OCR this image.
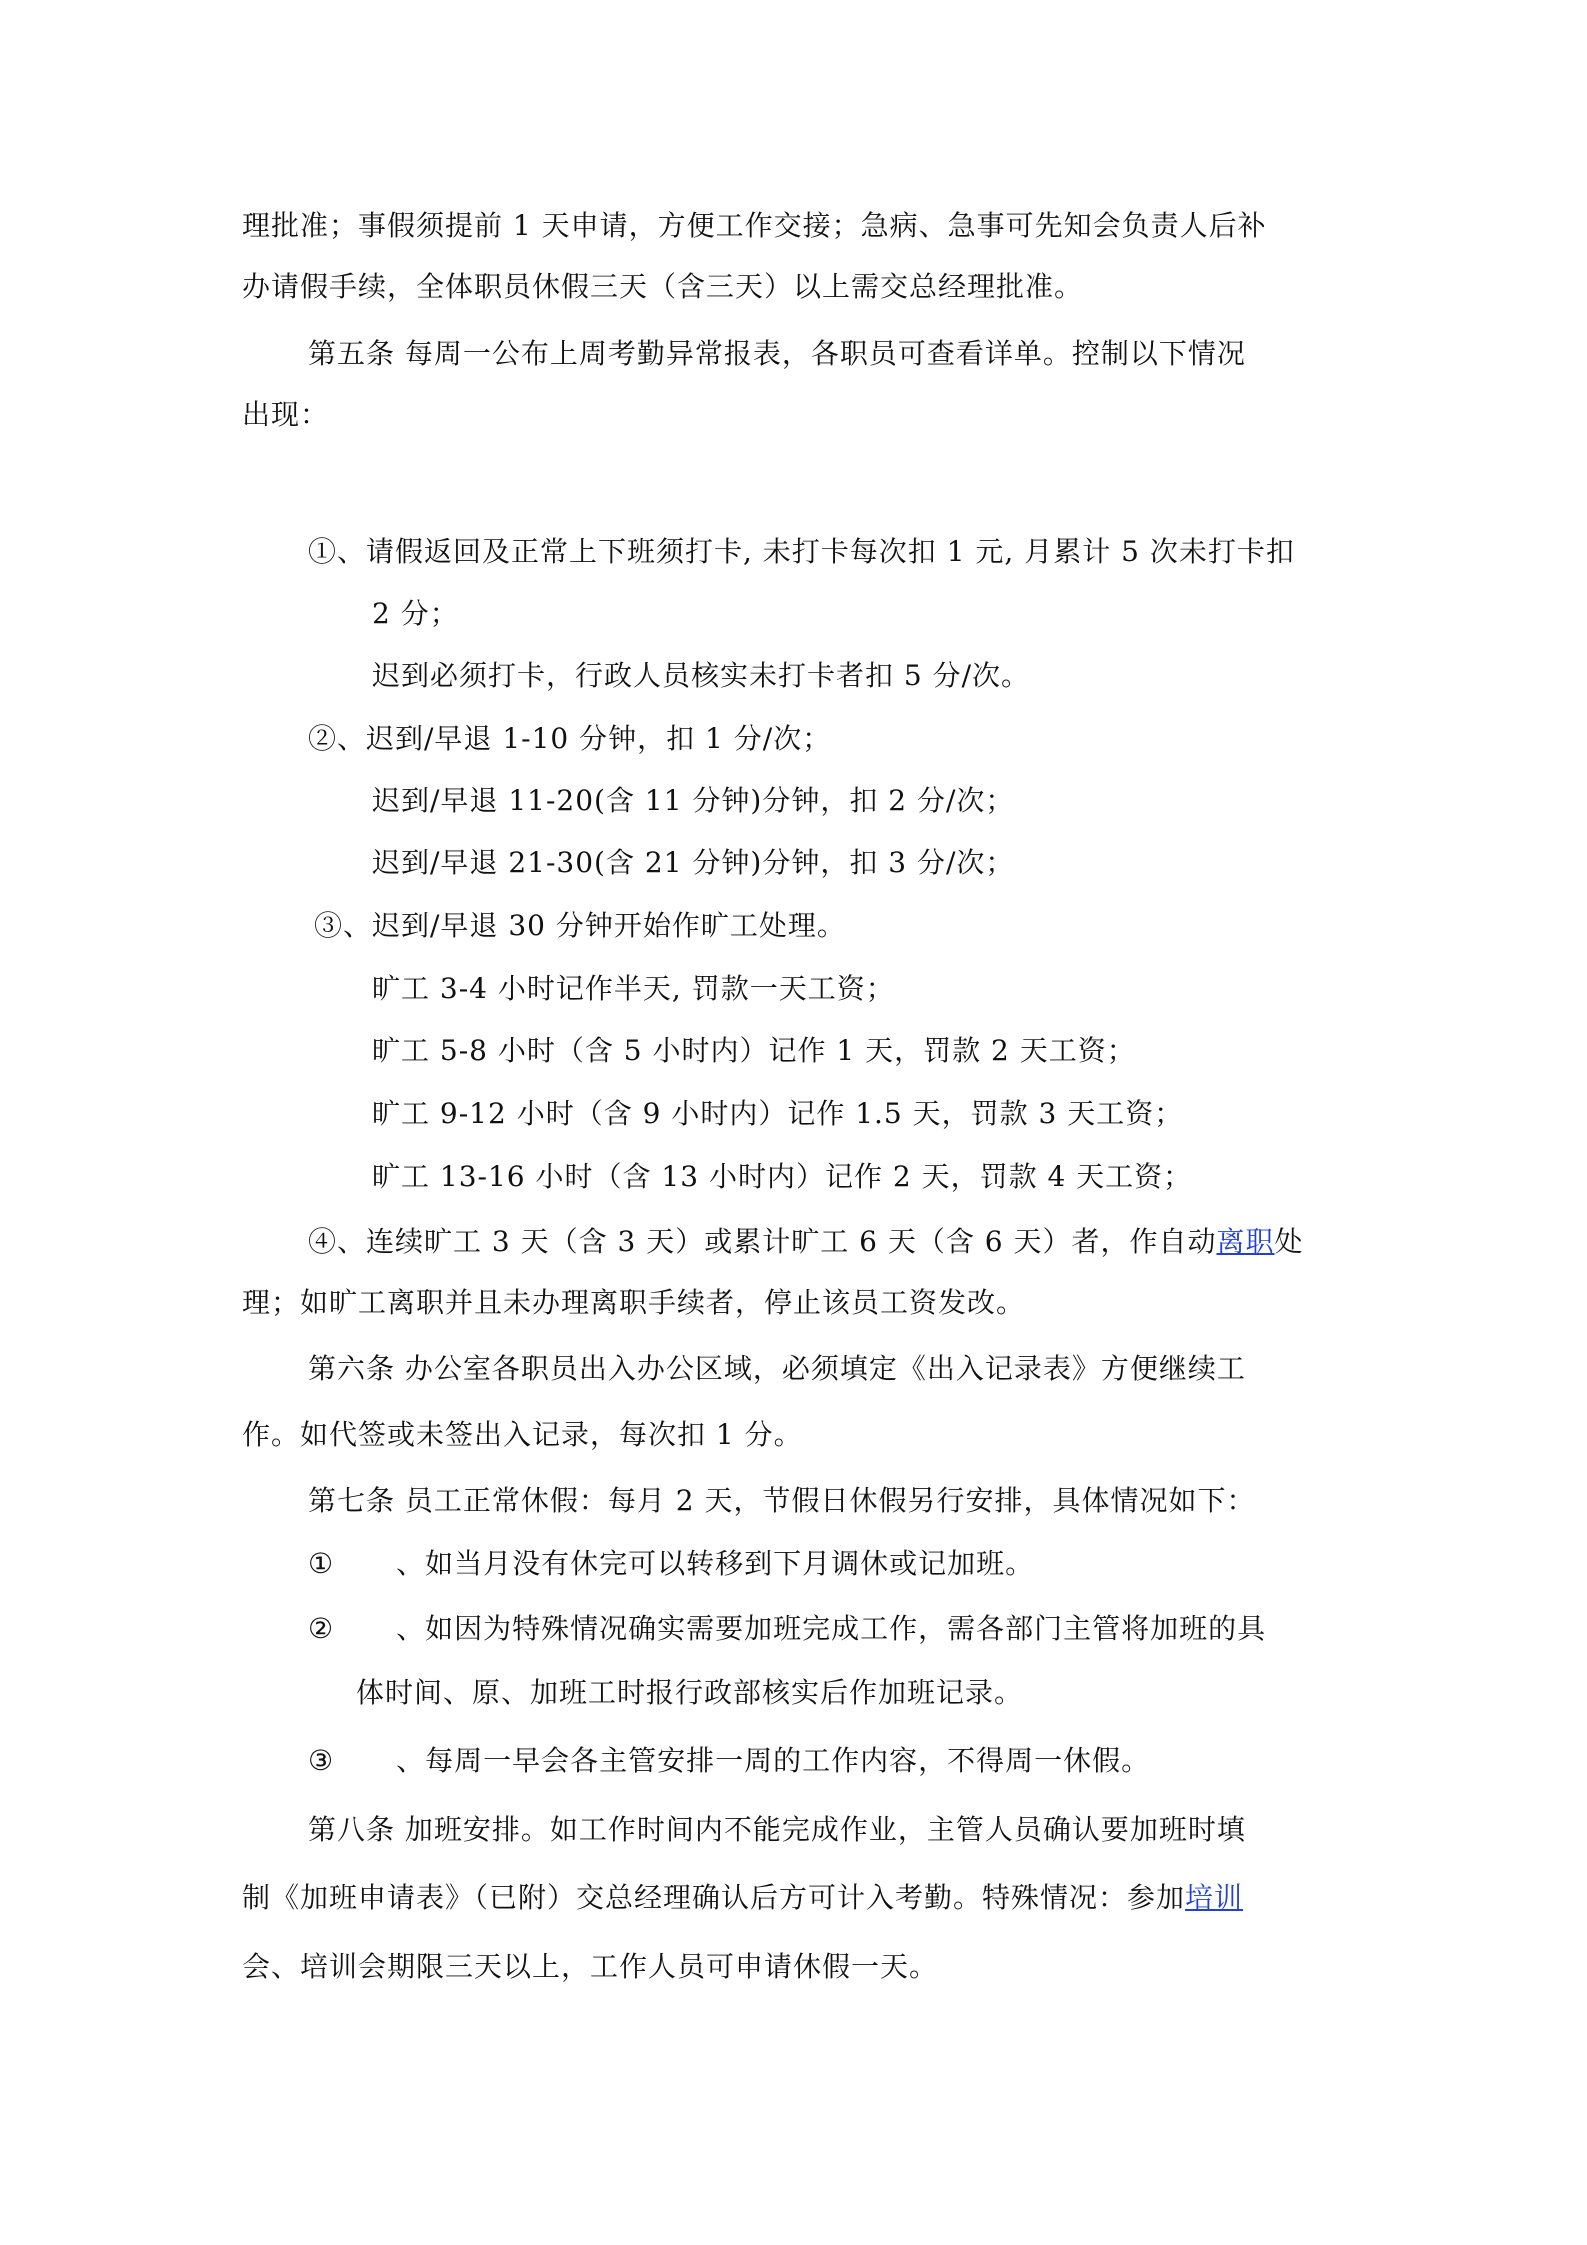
理批准；事假须提前 1 天申请，方便工作交接；急病、急事可先知会负责人后补
办请假手续，全体职员休假三天（含三天）以上需交总经理批准。
第五条 每周一公布上周考勤异常报表，各职员可查看详单。控制以下情况
出现：
①、请假返回及正常上下班须打卡, 未打卡每次扣 1 元, 月累计 5 次未打卡扣
2 分；
迟到必须打卡，行政人员核实未打卡者扣 5 分/次。
②、迟到/早退 1-10 分钟，扣 1 分/次；
迟到/早退 11-20(含 11 分钟)分钟，扣 2 分/次；
迟到/早退 21-30(含 21 分钟)分钟，扣 3 分/次；
③、迟到/早退 30 分钟开始作旷工处理。
旷工 3-4 小时记作半天, 罚款一天工资；
旷工 5-8 小时（含 5 小时内）记作 1 天，罚款 2 天工资；
旷工 9-12 小时（含 9 小时内）记作 1.5 天，罚款 3 天工资；
旷工 13-16 小时（含 13 小时内）记作 2 天，罚款 4 天工资；
④、连续旷工 3 天（含 3 天）或累计旷工 6 天（含 6 天）者，作自动离职处
理；如旷工离职并且未办理离职手续者，停止该员工资发改。
第六条 办公室各职员出入办公区域，必须填定《出入记录表》方便继续工
作。如代签或未签出入记录，每次扣 1 分。
第七条 员工正常休假：每月 2 天，节假日休假另行安排，具体情况如下：
① 、如当月没有休完可以转移到下月调休或记加班。
② 、如因为特殊情况确实需要加班完成工作，需各部门主管将加班的具
体时间、原、加班工时报行政部核实后作加班记录。
③ 、每周一早会各主管安排一周的工作内容，不得周一休假。
第八条 加班安排。如工作时间内不能完成作业，主管人员确认要加班时填
制《加班申请表》（已附）交总经理确认后方可计入考勤。特殊情况：参加培训
会、培训会期限三天以上，工作人员可申请休假一天。
